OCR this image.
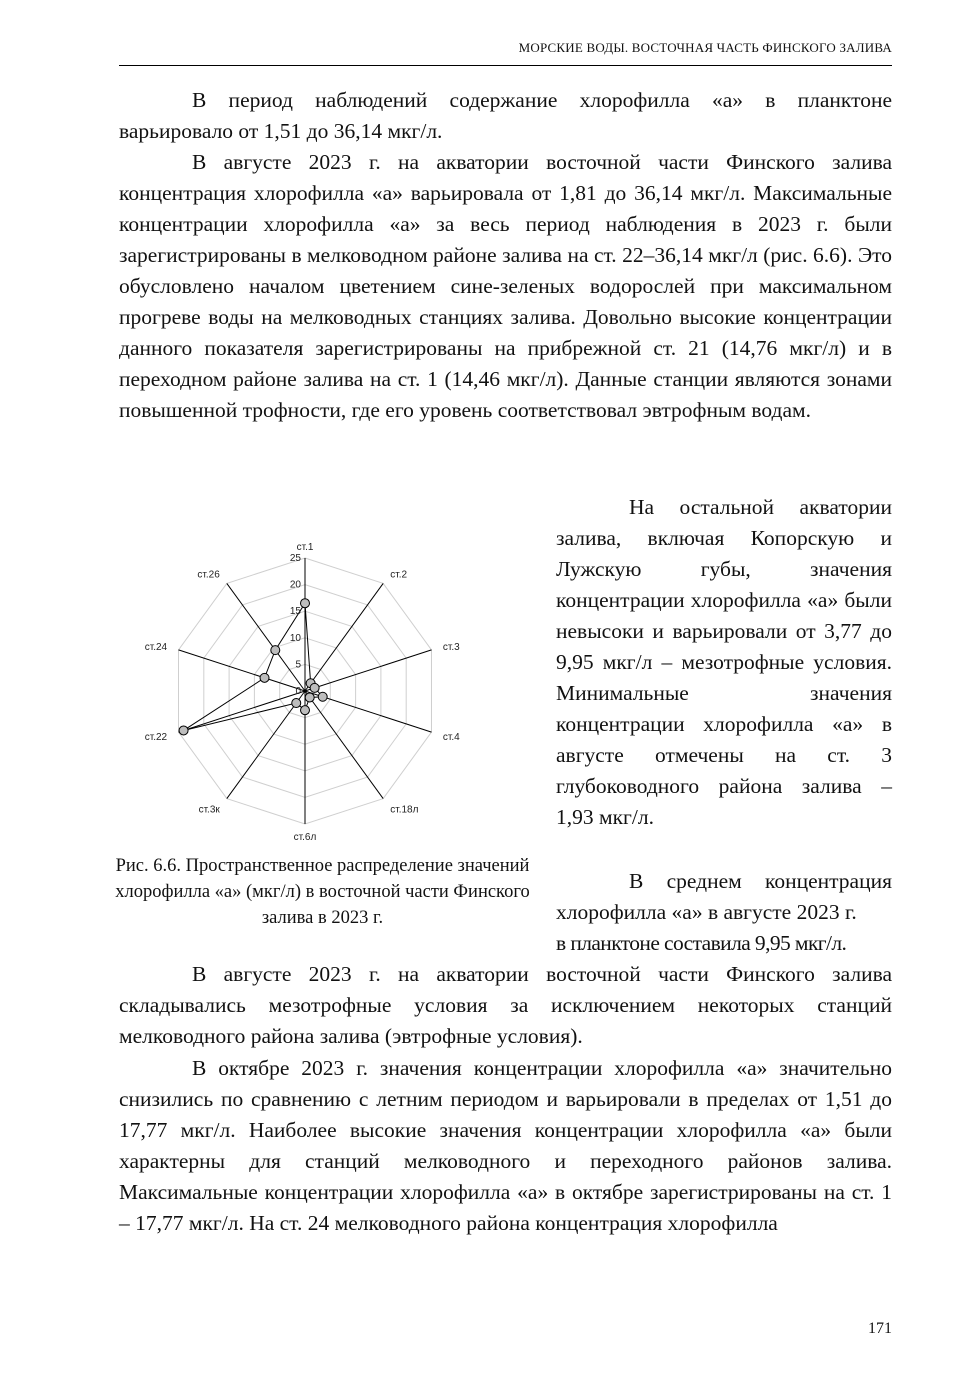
МОРСКИЕ ВОДЫ. ВОСТОЧНАЯ ЧАСТЬ ФИНСКОГО ЗАЛИВА

В период наблюдений содержание хлорофилла «а» в планктоне варьировало от 1,51 до 36,14 мкг/л.

В августе 2023 г. на акватории восточной части Финского залива концентрация хлорофилла «а» варьировала от 1,81 до 36,14 мкг/л. Максимальные концентрации хлорофилла «а» за весь период наблюдения в 2023 г. были зарегистрированы в мелководном районе залива на ст. 22–36,14 мкг/л (рис. 6.6). Это обусловлено началом цветением сине-зеленых водорослей при максимальном прогреве воды на мелководных станциях залива. Довольно высокие концентрации данного показателя зарегистрированы на прибрежной ст. 21 (14,76 мкг/л) и в переходном районе залива на ст. 1 (14,46 мкг/л). Данные станции являются зонами повышенной трофности, где его уровень соответствовал эвтрофным водам.

0
5
10
15
20
25
ст.1
ст.2
ст.3
ст.4
ст.18л
ст.6л
ст.3к
ст.22
ст.24
ст.26

Рис. 6.6. Пространственное распределение значений хлорофилла «а» (мкг/л) в восточной части Финского залива в 2023 г.

На остальной акватории залива, включая Копорскую и Лужскую губы, значения концентрации хлорофилла «а» были невысоки и варьировали от 3,77 до 9,95 мкг/л – мезотрофные условия. Минимальные значения концентрации хлорофилла «а» в августе отмечены на ст. 3 глубоководного района залива – 1,93 мкг/л.

В среднем концентрация хлорофилла «а» в августе 2023 г.

в планктоне составила 9,95 мкг/л.

В августе 2023 г. на акватории восточной части Финского залива складывались мезотрофные условия за исключением некоторых станций мелководного района залива (эвтрофные условия).

В октябре 2023 г. значения концентрации хлорофилла «а» значительно снизились по сравнению с летним периодом и варьировали в пределах от 1,51 до 17,77 мкг/л. Наиболее высокие значения концентрации хлорофилла «а» были характерны для станций мелководного и переходного районов залива. Максимальные концентрации хлорофилла «а» в октябре зарегистрированы на ст. 1 – 17,77 мкг/л. На ст. 24 мелководного района концентрация хлорофилла

171
